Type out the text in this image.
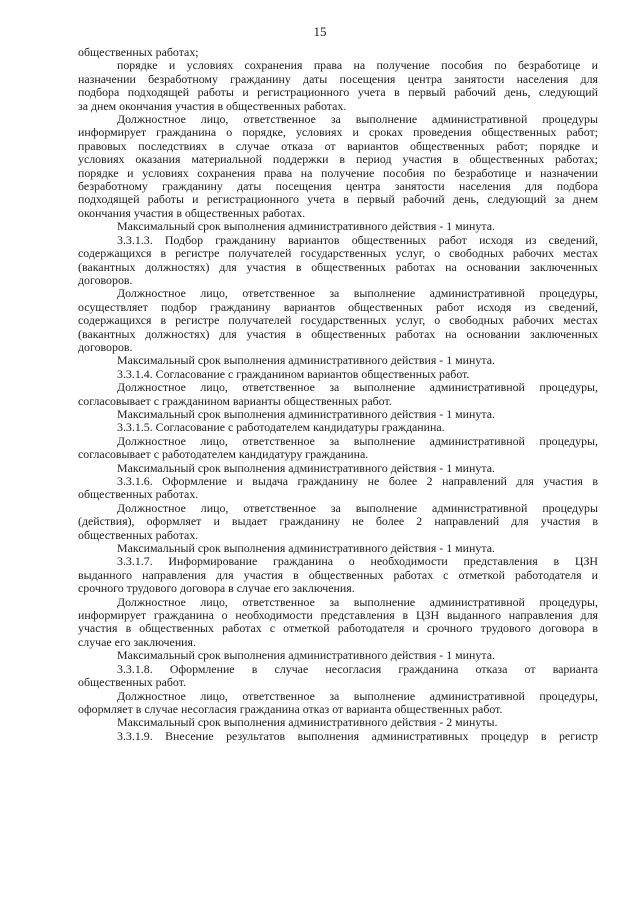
15
общественных работах;
порядке и условиях сохранения права на получение пособия по безработице и
назначении безработному гражданину даты посещения центра занятости населения для
подбора подходящей работы и регистрационного учета в первый рабочий день, следующий
за днем окончания участия в общественных работах.
Должностное лицо, ответственное за выполнение административной процедуры
информирует гражданина о порядке, условиях и сроках проведения общественных работ;
правовых последствиях в случае отказа от вариантов общественных работ; порядке и
условиях оказания материальной поддержки в период участия в общественных работах;
порядке и условиях сохранения права на получение пособия по безработице и назначении
безработному гражданину даты посещения центра занятости населения для подбора
подходящей работы и регистрационного учета в первый рабочий день, следующий за днем
окончания участия в общественных работах.
Максимальный срок выполнения административного действия - 1 минута.
3.3.1.3. Подбор гражданину вариантов общественных работ исходя из сведений,
содержащихся в регистре получателей государственных услуг, о свободных рабочих местах
(вакантных должностях) для участия в общественных работах на основании заключенных
договоров.
Должностное лицо, ответственное за выполнение административной процедуры,
осуществляет подбор гражданину вариантов общественных работ исходя из сведений,
содержащихся в регистре получателей государственных услуг, о свободных рабочих местах
(вакантных должностях) для участия в общественных работах на основании заключенных
договоров.
Максимальный срок выполнения административного действия - 1 минута.
3.3.1.4. Согласование с гражданином вариантов общественных работ.
Должностное лицо, ответственное за выполнение административной процедуры,
согласовывает с гражданином варианты общественных работ.
Максимальный срок выполнения административного действия - 1 минута.
3.3.1.5. Согласование с работодателем кандидатуры гражданина.
Должностное лицо, ответственное за выполнение административной процедуры,
согласовывает с работодателем кандидатуру гражданина.
Максимальный срок выполнения административного действия - 1 минута.
3.3.1.6. Оформление и выдача гражданину не более 2 направлений для участия в
общественных работах.
Должностное лицо, ответственное за выполнение административной процедуры
(действия), оформляет и выдает гражданину не более 2 направлений для участия в
общественных работах.
Максимальный срок выполнения административного действия - 1 минута.
3.3.1.7. Информирование гражданина о необходимости представления в ЦЗН
выданного направления для участия в общественных работах с отметкой работодателя и
срочного трудового договора в случае его заключения.
Должностное лицо, ответственное за выполнение административной процедуры,
информирует гражданина о необходимости представления в ЦЗН выданного направления для
участия в общественных работах с отметкой работодателя и срочного трудового договора в
случае его заключения.
Максимальный срок выполнения административного действия - 1 минута.
3.3.1.8. Оформление в случае несогласия гражданина отказа от варианта
общественных работ.
Должностное лицо, ответственное за выполнение административной процедуры,
оформляет в случае несогласия гражданина отказ от варианта общественных работ.
Максимальный срок выполнения административного действия - 2 минуты.
3.3.1.9. Внесение результатов выполнения административных процедур в регистр
